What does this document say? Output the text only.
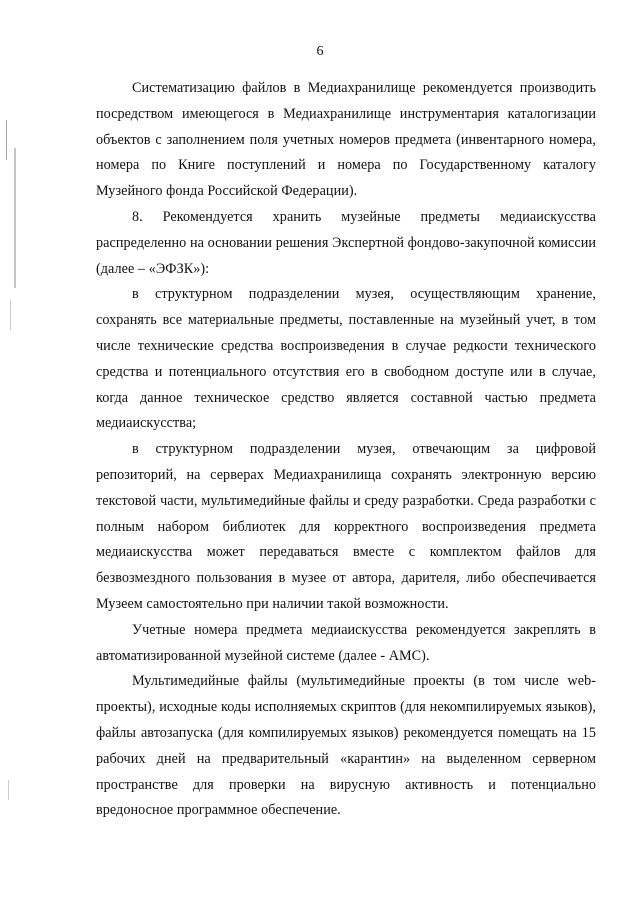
6

Систематизацию файлов в Медиахранилище рекомендуется производить посредством имеющегося в Медиахранилище инструментария каталогизации объектов с заполнением поля учетных номеров предмета (инвентарного номера, номера по Книге поступлений и номера по Государственному каталогу Музейного фонда Российской Федерации).

8. Рекомендуется хранить музейные предметы медиаискусства распределенно на основании решения Экспертной фондово-закупочной комиссии (далее – «ЭФЗК»):

в структурном подразделении музея, осуществляющим хранение, сохранять все материальные предметы, поставленные на музейный учет, в том числе технические средства воспроизведения в случае редкости технического средства и потенциального отсутствия его в свободном доступе или в случае, когда данное техническое средство является составной частью предмета медиаискусства;

в структурном подразделении музея, отвечающим за цифровой репозиторий, на серверах Медиахранилища сохранять электронную версию текстовой части, мультимедийные файлы и среду разработки. Среда разработки с полным набором библиотек для корректного воспроизведения предмета медиаискусства может передаваться вместе с комплектом файлов для безвозмездного пользования в музее от автора, дарителя, либо обеспечивается Музеем самостоятельно при наличии такой возможности.

Учетные номера предмета медиаискусства рекомендуется закреплять в автоматизированной музейной системе (далее - АМС).

Мультимедийные файлы (мультимедийные проекты (в том числе web-проекты), исходные коды исполняемых скриптов (для некомпилируемых языков), файлы автозапуска (для компилируемых языков) рекомендуется помещать на 15 рабочих дней на предварительный «карантин» на выделенном серверном пространстве для проверки на вирусную активность и потенциально вредоносное программное обеспечение.
